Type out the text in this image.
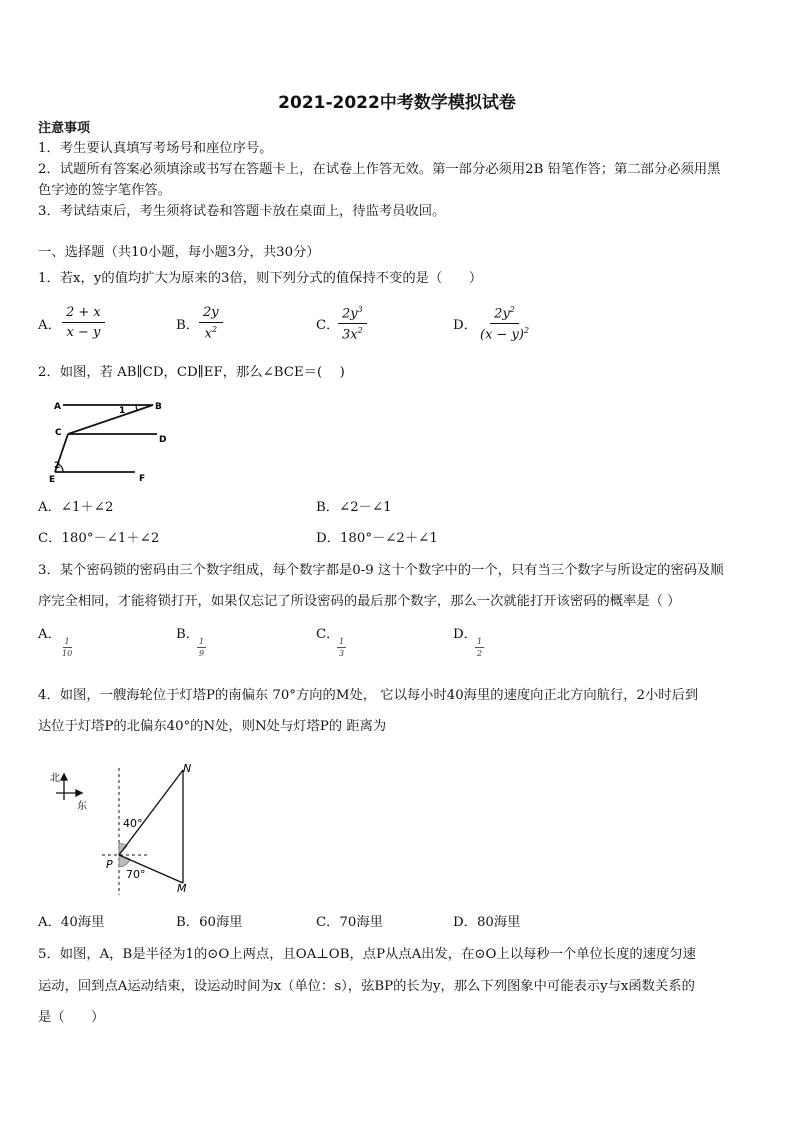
2021-2022中考数学模拟试卷
注意事项
1．考生要认真填写考场号和座位序号。
2．试题所有答案必须填涂或书写在答题卡上，在试卷上作答无效。第一部分必须用2B 铅笔作答；第二部分必须用黑
色字迹的签字笔作答。
3．考试结束后，考生须将试卷和答题卡放在桌面上，待监考员收回。
一、选择题（共10小题，每小题3分，共30分）
1．若x，y的值均扩大为原来的3倍，则下列分式的值保持不变的是（　　）
A． $\frac{2 + x}{x - y}$	B． $\frac{2y}{x^2}$	C．
$\frac{2y^3}{3x^2}$	D． $\frac{2y^2}{(x - y)^2}$
2．如图，若 AB∥CD，CD∥EF，那么∠BCE＝(　 )
A	B
C
D
E	F
1
2
A．∠1＋∠2	B．∠2－∠1
C．180°－∠1＋∠2	D．180°－∠2＋∠1
3．某个密码锁的密码由三个数字组成，每个数字都是0-9 这十个数字中的一个，只有当三个数字与所设定的密码及顺
序完全相同，才能将锁打开，如果仅忘记了所设密码的最后那个数字，那么一次就能打开该密码的概率是（ ）
A．
$\frac{1}{10}$
B．
$\frac{1}{9}$
C．
$\frac{1}{3}$
D．
$\frac{1}{2}$
4．如图，一艘海轮位于灯塔P的南偏东 70°方向的M处， 它以每小时40海里的速度向正北方向航行，2小时后到
达位于灯塔P的北偏东40°的N处，则N处与灯塔P的 距离为
北
东
N
P
M
40°
70°
A．40海里	B．60海里	C．70海里	D．80海里
5．如图，A，B是半径为1的⊙O上两点，且OA⊥OB，点P从点A出发，在⊙O上以每秒一个单位长度的速度匀速
运动，回到点A运动结束，设运动时间为x（单位：s），弦BP的长为y，那么下列图象中可能表示y与x函数关系的
是（　　）
